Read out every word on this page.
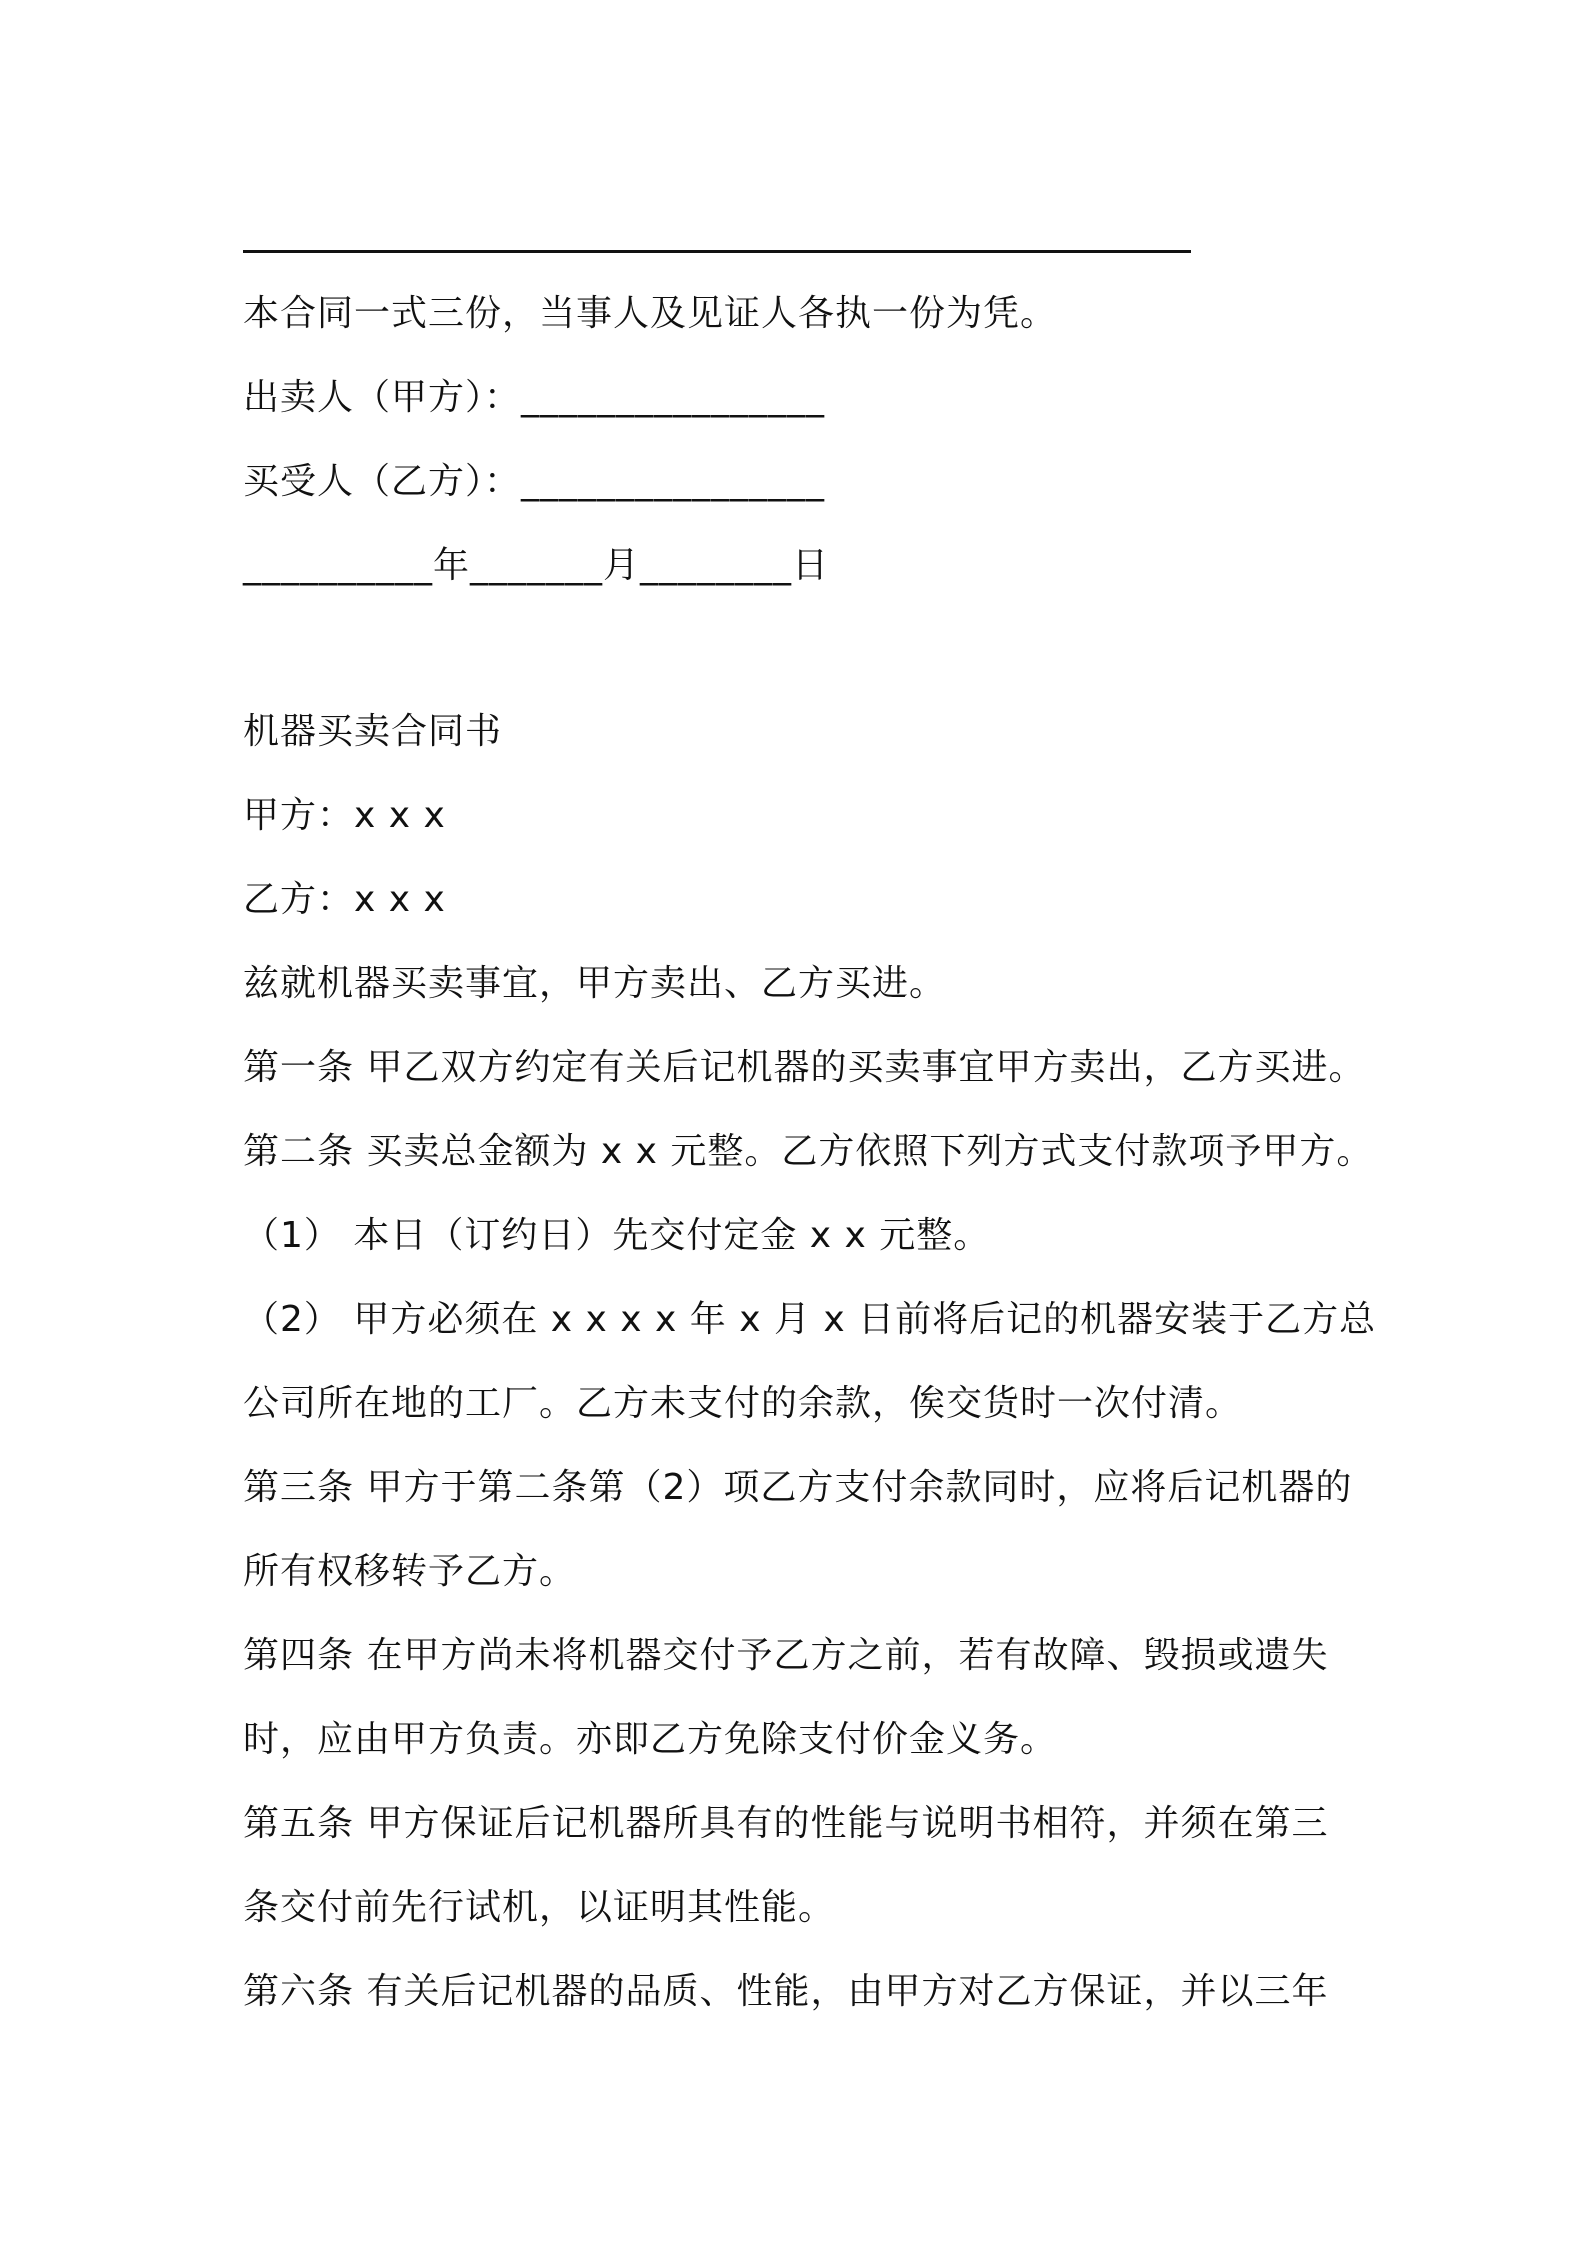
本合同一式三份，当事人及见证人各执一份为凭。
出卖人（甲方）：________________
买受人（乙方）：________________
__________年_______月________日
机器买卖合同书
甲方：x x x
乙方：x x x
兹就机器买卖事宜，甲方卖出、乙方买进。
第一条 甲乙双方约定有关后记机器的买卖事宜甲方卖出，乙方买进。
第二条 买卖总金额为 x x 元整。乙方依照下列方式支付款项予甲方。
（1） 本日（订约日）先交付定金 x x 元整。
（2） 甲方必须在 x x x x 年 x 月 x 日前将后记的机器安装于乙方总
公司所在地的工厂。乙方未支付的余款，俟交货时一次付清。
第三条 甲方于第二条第（2）项乙方支付余款同时，应将后记机器的
所有权移转予乙方。
第四条 在甲方尚未将机器交付予乙方之前，若有故障、毁损或遗失
时，应由甲方负责。亦即乙方免除支付价金义务。
第五条 甲方保证后记机器所具有的性能与说明书相符，并须在第三
条交付前先行试机，以证明其性能。
第六条 有关后记机器的品质、性能，由甲方对乙方保证，并以三年
